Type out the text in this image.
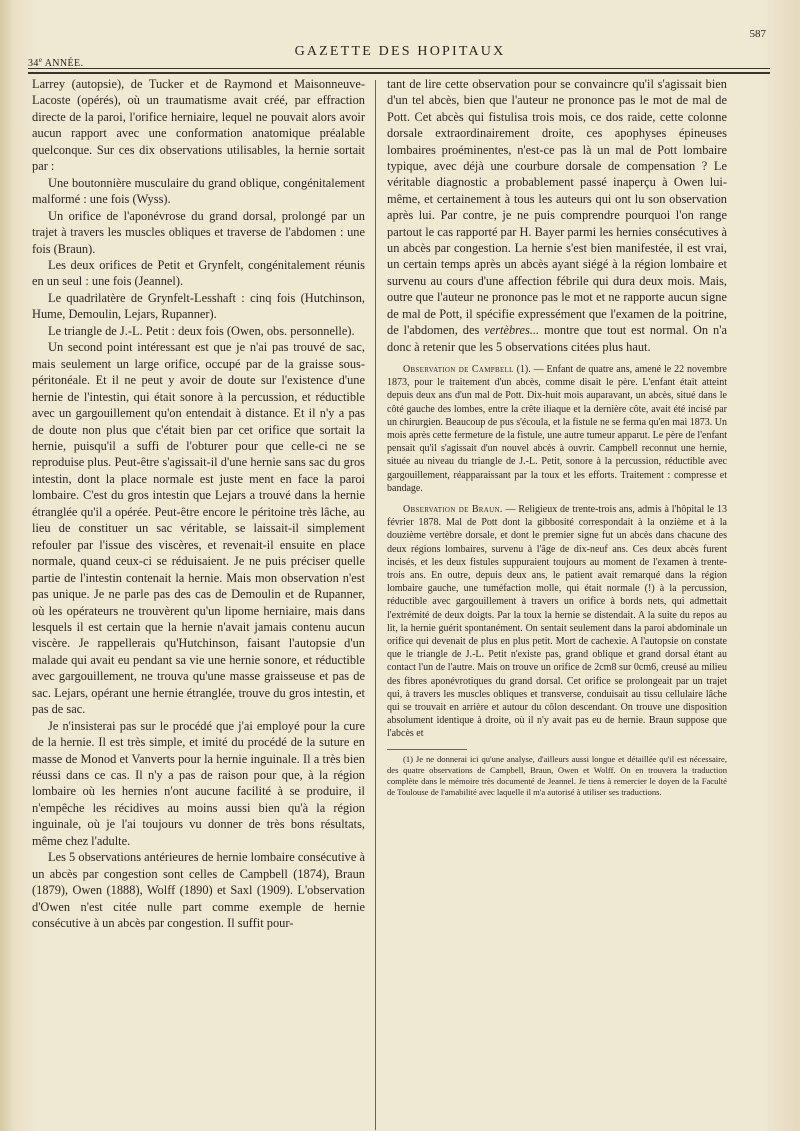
34e ANNÉE.
GAZETTE DES HOPITAUX
587

Larrey (autopsie), de Tucker et de Raymond et Maisonneuve-Lacoste (opérés), où un traumatisme avait créé, par effraction directe de la paroi, l'orifice herniaire, lequel ne pouvait alors avoir aucun rapport avec une conformation anatomique préalable quelconque. Sur ces dix observations utilisables, la hernie sortait par :

Une boutonnière musculaire du grand oblique, congénitalement malformé : une fois (Wyss).

Un orifice de l'aponévrose du grand dorsal, prolongé par un trajet à travers les muscles obliques et traverse de l'abdomen : une fois (Braun).

Les deux orifices de Petit et Grynfelt, congénitalement réunis en un seul : une fois (Jeannel).

Le quadrilatère de Grynfelt-Lesshaft : cinq fois (Hutchinson, Hume, Demoulin, Lejars, Rupanner).

Le triangle de J.-L. Petit : deux fois (Owen, obs. personnelle).

Un second point intéressant est que je n'ai pas trouvé de sac, mais seulement un large orifice, occupé par de la graisse sous-péritonéale. Et il ne peut y avoir de doute sur l'existence d'une hernie de l'intestin, qui était sonore à la percussion, et réductible avec un gargouillement qu'on entendait à distance. Et il n'y a pas de doute non plus que c'était bien par cet orifice que sortait la hernie, puisqu'il a suffi de l'obturer pour que celle-ci ne se reproduise plus. Peut-être s'agissait-il d'une hernie sans sac du gros intestin, dont la place normale est juste ment en face la paroi lombaire. C'est du gros intestin que Lejars a trouvé dans la hernie étranglée qu'il a opérée. Peut-être encore le péritoine très lâche, au lieu de constituer un sac véritable, se laissait-il simplement refouler par l'issue des viscères, et revenait-il ensuite en place normale, quand ceux-ci se réduisaient. Je ne puis préciser quelle partie de l'intestin contenait la hernie. Mais mon observation n'est pas unique. Je ne parle pas des cas de Demoulin et de Rupanner, où les opérateurs ne trouvèrent qu'un lipome herniaire, mais dans lesquels il est certain que la hernie n'avait jamais contenu aucun viscère. Je rappellerais qu'Hutchinson, faisant l'autopsie d'un malade qui avait eu pendant sa vie une hernie sonore, et réductible avec gargouillement, ne trouva qu'une masse graisseuse et pas de sac. Lejars, opérant une hernie étranglée, trouve du gros intestin, et pas de sac.

Je n'insisterai pas sur le procédé que j'ai employé pour la cure de la hernie. Il est très simple, et imité du procédé de la suture en masse de Monod et Vanverts pour la hernie inguinale. Il a très bien réussi dans ce cas. Il n'y a pas de raison pour que, à la région lombaire où les hernies n'ont aucune facilité à se produire, il n'empêche les récidives au moins aussi bien qu'à la région inguinale, où je l'ai toujours vu donner de très bons résultats, même chez l'adulte.

Les 5 observations antérieures de hernie lombaire consécutive à un abcès par congestion sont celles de Campbell (1874), Braun (1879), Owen (1888), Wolff (1890) et Saxl (1909). L'observation d'Owen n'est citée nulle part comme exemple de hernie consécutive à un abcès par congestion. Il suffit pour-

tant de lire cette observation pour se convaincre qu'il s'agissait bien d'un tel abcès, bien que l'auteur ne prononce pas le mot de mal de Pott. Cet abcès qui fistulisa trois mois, ce dos raide, cette colonne dorsale extraordinairement droite, ces apophyses épineuses lombaires proéminentes, n'est-ce pas là un mal de Pott lombaire typique, avec déjà une courbure dorsale de compensation ? Le véritable diagnostic a probablement passé inaperçu à Owen lui-même, et certainement à tous les auteurs qui ont lu son observation après lui. Par contre, je ne puis comprendre pourquoi l'on range partout le cas rapporté par H. Bayer parmi les hernies consécutives à un abcès par congestion. La hernie s'est bien manifestée, il est vrai, un certain temps après un abcès ayant siégé à la région lombaire et survenu au cours d'une affection fébrile qui dura deux mois. Mais, outre que l'auteur ne prononce pas le mot et ne rapporte aucun signe de mal de Pott, il spécifie expressément que l'examen de la poitrine, de l'abdomen, des vertèbres... montre que tout est normal. On n'a donc à retenir que les 5 observations citées plus haut.

Observation de Campbell (1). — Enfant de quatre ans, amené le 22 novembre 1873, pour le traitement d'un abcès, comme disait le père. L'enfant était atteint depuis deux ans d'un mal de Pott. Dix-huit mois auparavant, un abcès, situé dans le côté gauche des lombes, entre la crête iliaque et la dernière côte, avait été incisé par un chirurgien. Beaucoup de pus s'écoula, et la fistule ne se ferma qu'en mai 1873. Un mois après cette fermeture de la fistule, une autre tumeur apparut. Le père de l'enfant pensait qu'il s'agissait d'un nouvel abcès à ouvrir. Campbell reconnut une hernie, située au niveau du triangle de J.-L. Petit, sonore à la percussion, réductible avec gargouillement, réapparaissant par la toux et les efforts. Traitement : compresse et bandage.

Observation de Braun. — Religieux de trente-trois ans, admis à l'hôpital le 13 février 1878. Mal de Pott dont la gibbosité correspondait à la onzième et à la douzième vertèbre dorsale, et dont le premier signe fut un abcès dans chacune des deux régions lombaires, survenu à l'âge de dix-neuf ans. Ces deux abcès furent incisés, et les deux fistules suppuraient toujours au moment de l'examen à trente-trois ans. En outre, depuis deux ans, le patient avait remarqué dans la région lombaire gauche, une tuméfaction molle, qui était normale (!) à la percussion, réductible avec gargouillement à travers un orifice à bords nets, qui admettait l'extrémité de deux doigts. Par la toux la hernie se distendait. A la suite du repos au lit, la hernie guérit spontanément. On sentait seulement dans la paroi abdominale un orifice qui devenait de plus en plus petit. Mort de cachexie. A l'autopsie on constate que le triangle de J.-L. Petit n'existe pas, grand oblique et grand dorsal étant au contact l'un de l'autre. Mais on trouve un orifice de 2cm8 sur 0cm6, creusé au milieu des fibres aponévrotiques du grand dorsal. Cet orifice se prolongeait par un trajet qui, à travers les muscles obliques et transverse, conduisait au tissu cellulaire lâche qui se trouvait en arrière et autour du côlon descendant. On trouve une disposition absolument identique à droite, où il n'y avait pas eu de hernie. Braun suppose que l'abcès et

(1) Je ne donnerai ici qu'une analyse, d'ailleurs aussi longue et détaillée qu'il est nécessaire, des quatre observations de Campbell, Braun, Owen et Wolff. On en trouvera la traduction complète dans le mémoire très documenté de Jeannel. Je tiens à remercier le doyen de la Faculté de Toulouse de l'amabilité avec laquelle il m'a autorisé à utiliser ses traductions.
